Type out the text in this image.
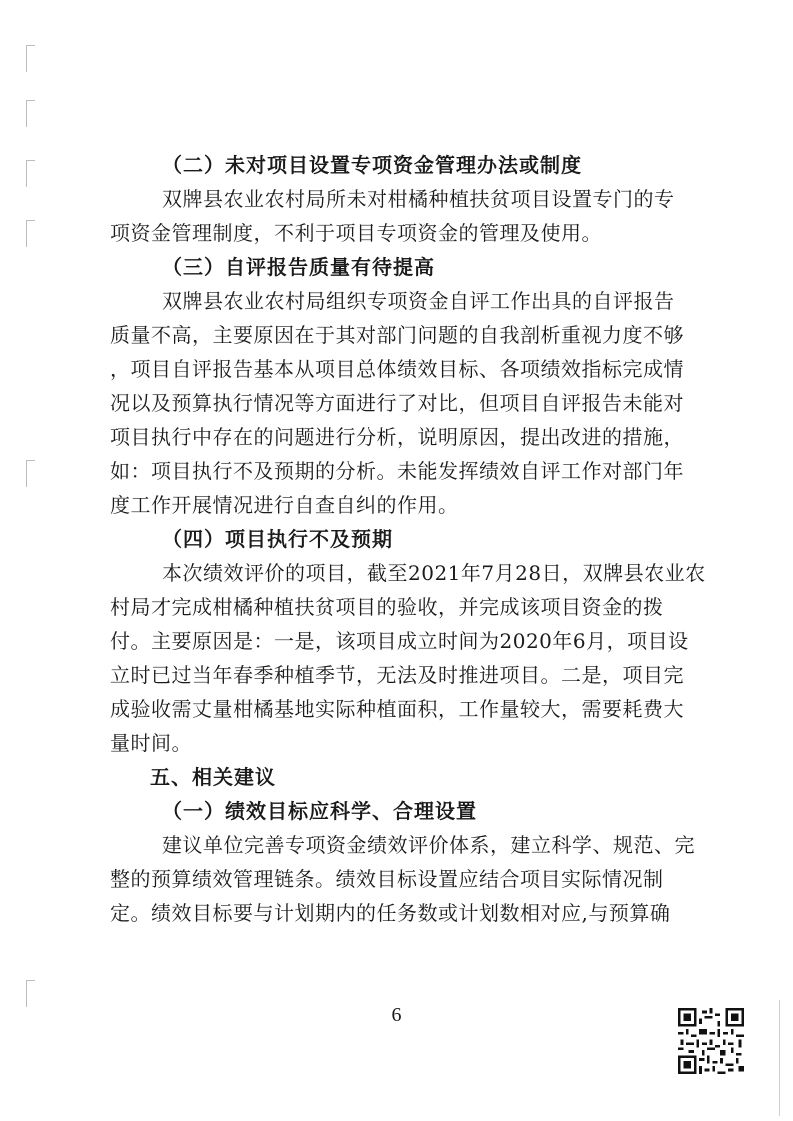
（二）未对项目设置专项资金管理办法或制度
双牌县农业农村局所未对柑橘种植扶贫项目设置专门的专
项资金管理制度，不利于项目专项资金的管理及使用。
（三）自评报告质量有待提高
双牌县农业农村局组织专项资金自评工作出具的自评报告
质量不高，主要原因在于其对部门问题的自我剖析重视力度不够
，项目自评报告基本从项目总体绩效目标、各项绩效指标完成情
况以及预算执行情况等方面进行了对比，但项目自评报告未能对
项目执行中存在的问题进行分析，说明原因，提出改进的措施，
如：项目执行不及预期的分析。未能发挥绩效自评工作对部门年
度工作开展情况进行自查自纠的作用。
（四）项目执行不及预期
本次绩效评价的项目，截至2021年7月28日，双牌县农业农
村局才完成柑橘种植扶贫项目的验收，并完成该项目资金的拨
付。主要原因是：一是，该项目成立时间为2020年6月，项目设
立时已过当年春季种植季节，无法及时推进项目。二是，项目完
成验收需丈量柑橘基地实际种植面积，工作量较大，需要耗费大
量时间。
五、相关建议
（一）绩效目标应科学、合理设置
建议单位完善专项资金绩效评价体系，建立科学、规范、完
整的预算绩效管理链条。绩效目标设置应结合项目实际情况制
定。绩效目标要与计划期内的任务数或计划数相对应,与预算确
6
